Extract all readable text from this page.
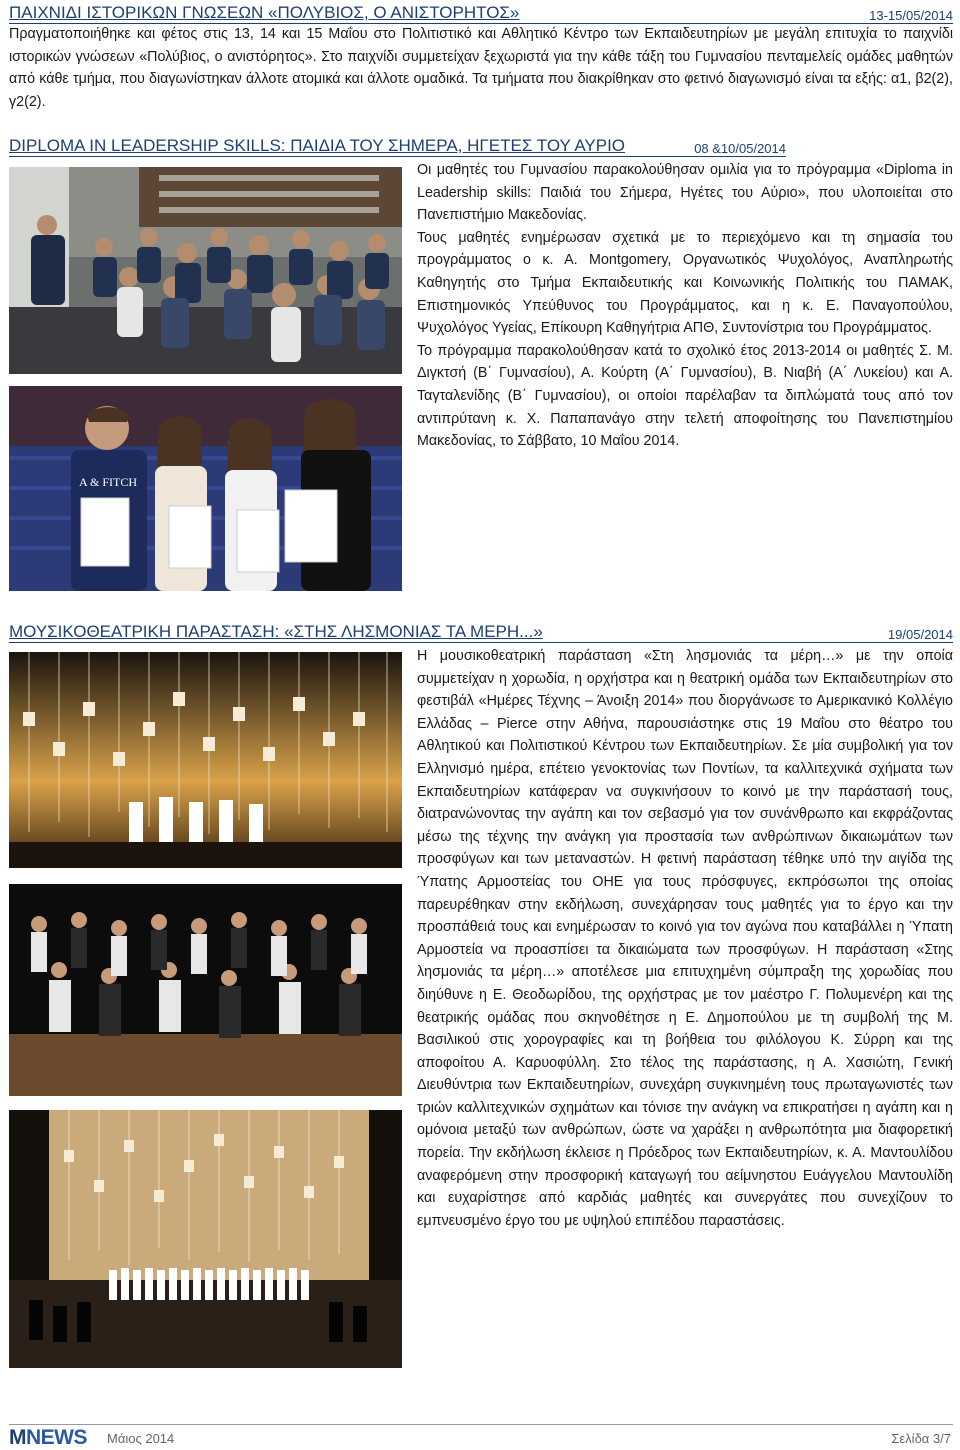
ΠΑΙΧΝΙΔΙ ΙΣΤΟΡΙΚΩΝ ΓΝΩΣΕΩΝ «ΠΟΛΥΒΙΟΣ, Ο ΑΝΙΣΤΟΡΗΤΟΣ»	13-15/05/2014

Πραγματοποιήθηκε και φέτος στις 13, 14 και 15 Μαΐου στο Πολιτιστικό και Αθλητικό Κέντρο των Εκπαιδευτηρίων με μεγάλη επιτυχία το παιχνίδι ιστορικών γνώσεων «Πολύβιος, ο ανιστόρητος». Στο παιχνίδι συμμετείχαν ξεχωριστά για την κάθε τάξη του Γυμνασίου πενταμελείς ομάδες μαθητών από κάθε τμήμα, που διαγωνίστηκαν άλλοτε ατομικά και άλλοτε ομαδικά. Τα τμήματα που διακρίθηκαν στο φετινό διαγωνισμό είναι τα εξής: α1, β2(2), γ2(2).

DIPLOMA IN LEADERSHIP SKILLS: ΠΑΙΔΙΑ ΤΟΥ ΣΗΜΕΡΑ, ΗΓΕΤΕΣ ΤΟΥ ΑΥΡΙΟ	08 &10/05/2014
A & FITCH

Οι μαθητές του Γυμνασίου παρακολούθησαν ομιλία για το πρόγραμμα «Diploma in Leadership skills: Παιδιά του Σήμερα, Ηγέτες του Αύριο», που υλοποιείται στο Πανεπιστήμιο Μακεδονίας.

Τους μαθητές ενημέρωσαν σχετικά με το περιεχόμενο και τη σημασία του προγράμματος ο κ. Α. Montgomery, Οργανωτικός Ψυχολόγος, Αναπληρωτής Καθηγητής στο Τμήμα Εκπαιδευτικής και Κοινωνικής Πολιτικής του ΠΑΜΑΚ, Επιστημονικός Υπεύθυνος του Προγράμματος, και η κ. Ε. Παναγοπούλου, Ψυχολόγος Υγείας, Επίκουρη Καθηγήτρια ΑΠΘ, Συντονίστρια του Προγράμματος.

Το πρόγραμμα παρακολούθησαν κατά το σχολικό έτος 2013-2014 οι μαθητές Σ. Μ. Διγκτσή (Β΄ Γυμνασίου), Α. Κούρτη (Α΄ Γυμνασίου), Β. Νιαβή (Α΄ Λυκείου) και Α. Ταγταλενίδης (Β΄ Γυμνασίου), οι οποίοι παρέλαβαν τα διπλώματά τους από τον αντιπρύτανη κ. Χ. Παπαπανάγο στην τελετή αποφοίτησης του Πανεπιστημίου Μακεδονίας, το Σάββατο, 10 Μαΐου 2014.

ΜΟΥΣΙΚΟΘΕΑΤΡΙΚΗ ΠΑΡΑΣΤΑΣΗ: «ΣΤΗΣ ΛΗΣΜΟΝΙΑΣ ΤΑ ΜΕΡΗ...»	19/05/2014

Η μουσικοθεατρική παράσταση «Στη λησμονιάς τα μέρη…» με την οποία συμμετείχαν η χορωδία, η ορχήστρα και η θεατρική ομάδα των Εκπαιδευτηρίων στο φεστιβάλ «Ημέρες Τέχνης – Άνοιξη 2014» που διοργάνωσε το Αμερικανικό Κολλέγιο Ελλάδας – Pierce στην Αθήνα, παρουσιάστηκε στις 19 Μαΐου στο θέατρο του Αθλητικού και Πολιτιστικού Κέντρου των Εκπαιδευτηρίων. Σε μία συμβολική για τον Ελληνισμό ημέρα, επέτειο γενοκτονίας των Ποντίων, τα καλλιτεχνικά σχήματα των Εκπαιδευτηρίων κατάφεραν να συγκινήσουν το κοινό με την παράστασή τους, διατρανώνοντας την αγάπη και τον σεβασμό για τον συνάνθρωπο και εκφράζοντας μέσω της τέχνης την ανάγκη για προστασία των ανθρώπινων δικαιωμάτων των προσφύγων και των μεταναστών. Η φετινή παράσταση τέθηκε υπό την αιγίδα της Ύπατης Αρμοστείας του ΟΗΕ για τους πρόσφυγες, εκπρόσωποι της οποίας παρευρέθηκαν στην εκδήλωση, συνεχάρησαν τους μαθητές για το έργο και την προσπάθειά τους και ενημέρωσαν το κοινό για τον αγώνα που καταβάλλει η Ύπατη Αρμοστεία να προασπίσει τα δικαιώματα των προσφύγων. Η παράσταση «Στης λησμονιάς τα μέρη…» αποτέλεσε μια επιτυχημένη σύμπραξη της χορωδίας που διηύθυνε η Ε. Θεοδωρίδου, της ορχήστρας με τον μαέστρο Γ. Πολυμενέρη και της θεατρικής ομάδας που σκηνοθέτησε η Ε. Δημοπούλου με τη συμβολή της Μ. Βασιλικού στις χορογραφίες και τη βοήθεια του φιλόλογου Κ. Σύρρη και της αποφοίτου Α. Καρυοφύλλη. Στο τέλος της παράστασης, η Α. Χασιώτη, Γενική Διευθύντρια των Εκπαιδευτηρίων, συνεχάρη συγκινημένη τους πρωταγωνιστές των τριών καλλιτεχνικών σχημάτων και τόνισε την ανάγκη να επικρατήσει η αγάπη και η ομόνοια μεταξύ των ανθρώπων, ώστε να χαράξει η ανθρωπότητα μια διαφορετική πορεία. Την εκδήλωση έκλεισε η Πρόεδρος των Εκπαιδευτηρίων, κ. Α. Μαντουλίδου αναφερόμενη στην προσφορική καταγωγή του αείμνηστου Ευάγγελου Μαντουλίδη και ευχαρίστησε από καρδιάς μαθητές και συνεργάτες που συνεχίζουν το εμπνευσμένο έργο του με υψηλού επιπέδου παραστάσεις.

MNEWS Μάιος 2014	Σελίδα 3/7
